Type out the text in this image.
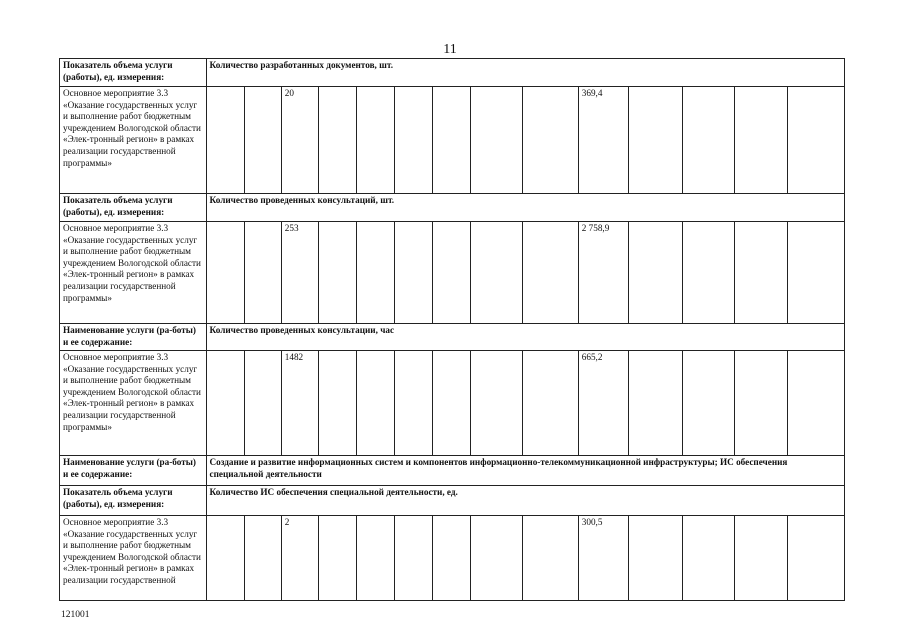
11
Показатель объема услуги (работы), ед. измерения:	Количество разработанных документов, шт.													
Основное мероприятие 3.3 «Оказание государственных услуг и выполнение работ бюджетным учреждением Вологодской области «Элек-тронный регион» в рамках реализации государственной программы»			20							369,4				
Показатель объема услуги (работы), ед. измерения:	Количество проведенных консультаций, шт.													
Основное мероприятие 3.3 «Оказание государственных услуг и выполнение работ бюджетным учреждением Вологодской области «Элек-тронный регион» в рамках реализации государственной программы»			253							2 758,9				
Наименование услуги (ра-боты) и ее содержание:	Количество проведенных консультации, час													
Основное мероприятие 3.3 «Оказание государственных услуг и выполнение работ бюджетным учреждением Вологодской области «Элек-тронный регион» в рамках реализации государственной программы»			1482							665,2				
Наименование услуги (ра-боты) и ее содержание:	Создание и развитие информационных систем и компонентов информационно-телекоммуникационной инфраструктуры; ИС обеспечения специальной деятельности													
Показатель объема услуги (работы), ед. измерения:	Количество ИС обеспечения специальной деятельности, ед.													
Основное мероприятие 3.3 «Оказание государственных услуг и выполнение работ бюджетным учреждением Вологодской области «Элек-тронный регион» в рамках реализации государственной			2							300,5				
121001
